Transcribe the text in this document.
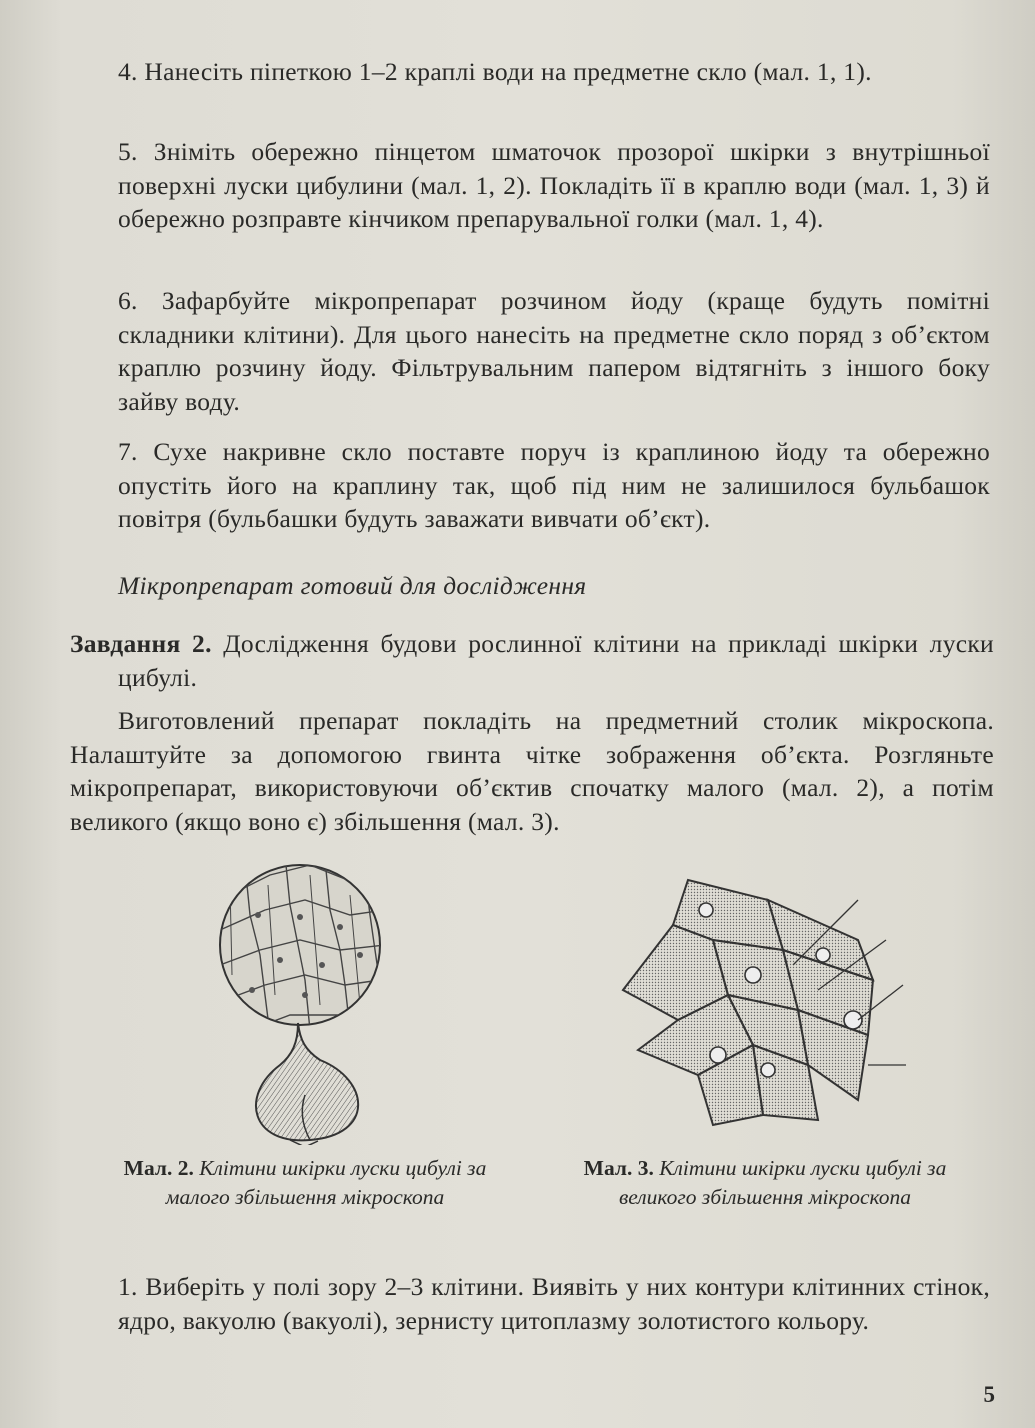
4. Нанесіть піпеткою 1–2 краплі води на предметне скло (мал. 1, 1).

5. Зніміть обережно пінцетом шматочок прозорої шкірки з внутрішньої поверхні луски цибулини (мал. 1, 2). Покладіть її в краплю води (мал. 1, 3) й обережно розправте кінчиком препарувальної голки (мал. 1, 4).

6. Зафарбуйте мікропрепарат розчином йоду (краще будуть помітні складники клітини). Для цього нанесіть на предметне скло поряд з об’єктом краплю розчину йоду. Фільтрувальним папером відтягніть з іншого боку зайву воду.

7. Сухе накривне скло поставте поруч із краплиною йоду та обережно опустіть його на краплину так, щоб під ним не залишилося бульбашок повітря (бульбашки будуть заважати вивчати об’єкт).

Мікропрепарат готовий для дослідження

Завдання 2. Дослідження будови рослинної клітини на прикладі шкірки луски цибулі.

Виготовлений препарат покладіть на предметний столик мікроскопа. Налаштуйте за допомогою гвинта чітке зображення об’єкта. Розгляньте мікропрепарат, використовуючи об’єктив спочатку малого (мал. 2), а потім великого (якщо воно є) збільшення (мал. 3).

Мал. 2. Клітини шкірки луски цибулі за малого збільшення мікроскопа
Мал. 3. Клітини шкірки луски цибулі за великого збільшення мікроскопа

1. Виберіть у полі зору 2–3 клітини. Виявіть у них контури клітинних стінок, ядро, вакуолю (вакуолі), зернисту цитоплазму золотистого кольору.

5
